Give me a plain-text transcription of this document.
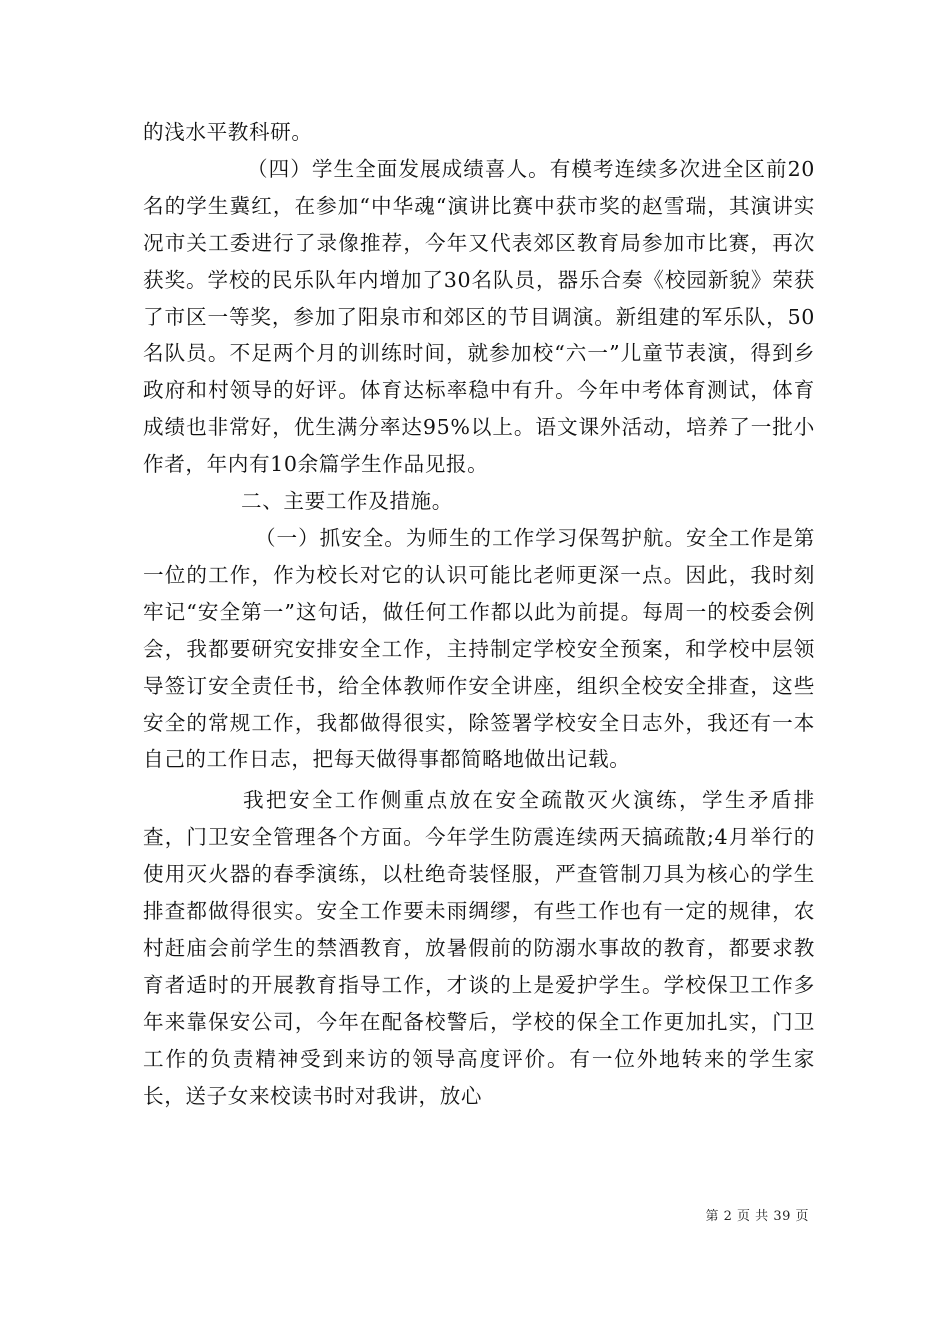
的浅水平教科研。

（四）学生全面发展成绩喜人。有模考连续多次进全区前20名的学生冀红，在参加“中华魂“演讲比赛中获市奖的赵雪瑞，其演讲实况市关工委进行了录像推荐，今年又代表郊区教育局参加市比赛，再次获奖。学校的民乐队年内增加了30名队员，器乐合奏《校园新貌》荣获了市区一等奖，参加了阳泉市和郊区的节目调演。新组建的军乐队，50名队员。不足两个月的训练时间，就参加校“六一”儿童节表演，得到乡政府和村领导的好评。体育达标率稳中有升。今年中考体育测试，体育成绩也非常好，优生满分率达95%以上。语文课外活动，培养了一批小作者，年内有10余篇学生作品见报。

二、主要工作及措施。

（一）抓安全。为师生的工作学习保驾护航。安全工作是第一位的工作，作为校长对它的认识可能比老师更深一点。因此，我时刻牢记“安全第一”这句话，做任何工作都以此为前提。每周一的校委会例会，我都要研究安排安全工作，主持制定学校安全预案，和学校中层领导签订安全责任书，给全体教师作安全讲座，组织全校安全排查，这些安全的常规工作，我都做得很实，除签署学校安全日志外，我还有一本自己的工作日志，把每天做得事都简略地做出记载。

我把安全工作侧重点放在安全疏散灭火演练，学生矛盾排查，门卫安全管理各个方面。今年学生防震连续两天搞疏散;4月举行的使用灭火器的春季演练，以杜绝奇装怪服，严查管制刀具为核心的学生排查都做得很实。安全工作要未雨绸缪，有些工作也有一定的规律，农村赶庙会前学生的禁酒教育，放暑假前的防溺水事故的教育，都要求教育者适时的开展教育指导工作，才谈的上是爱护学生。学校保卫工作多年来靠保安公司，今年在配备校警后，学校的保全工作更加扎实，门卫工作的负责精神受到来访的领导高度评价。有一位外地转来的学生家长，送子女来校读书时对我讲，放心

第 2 页 共 39 页
